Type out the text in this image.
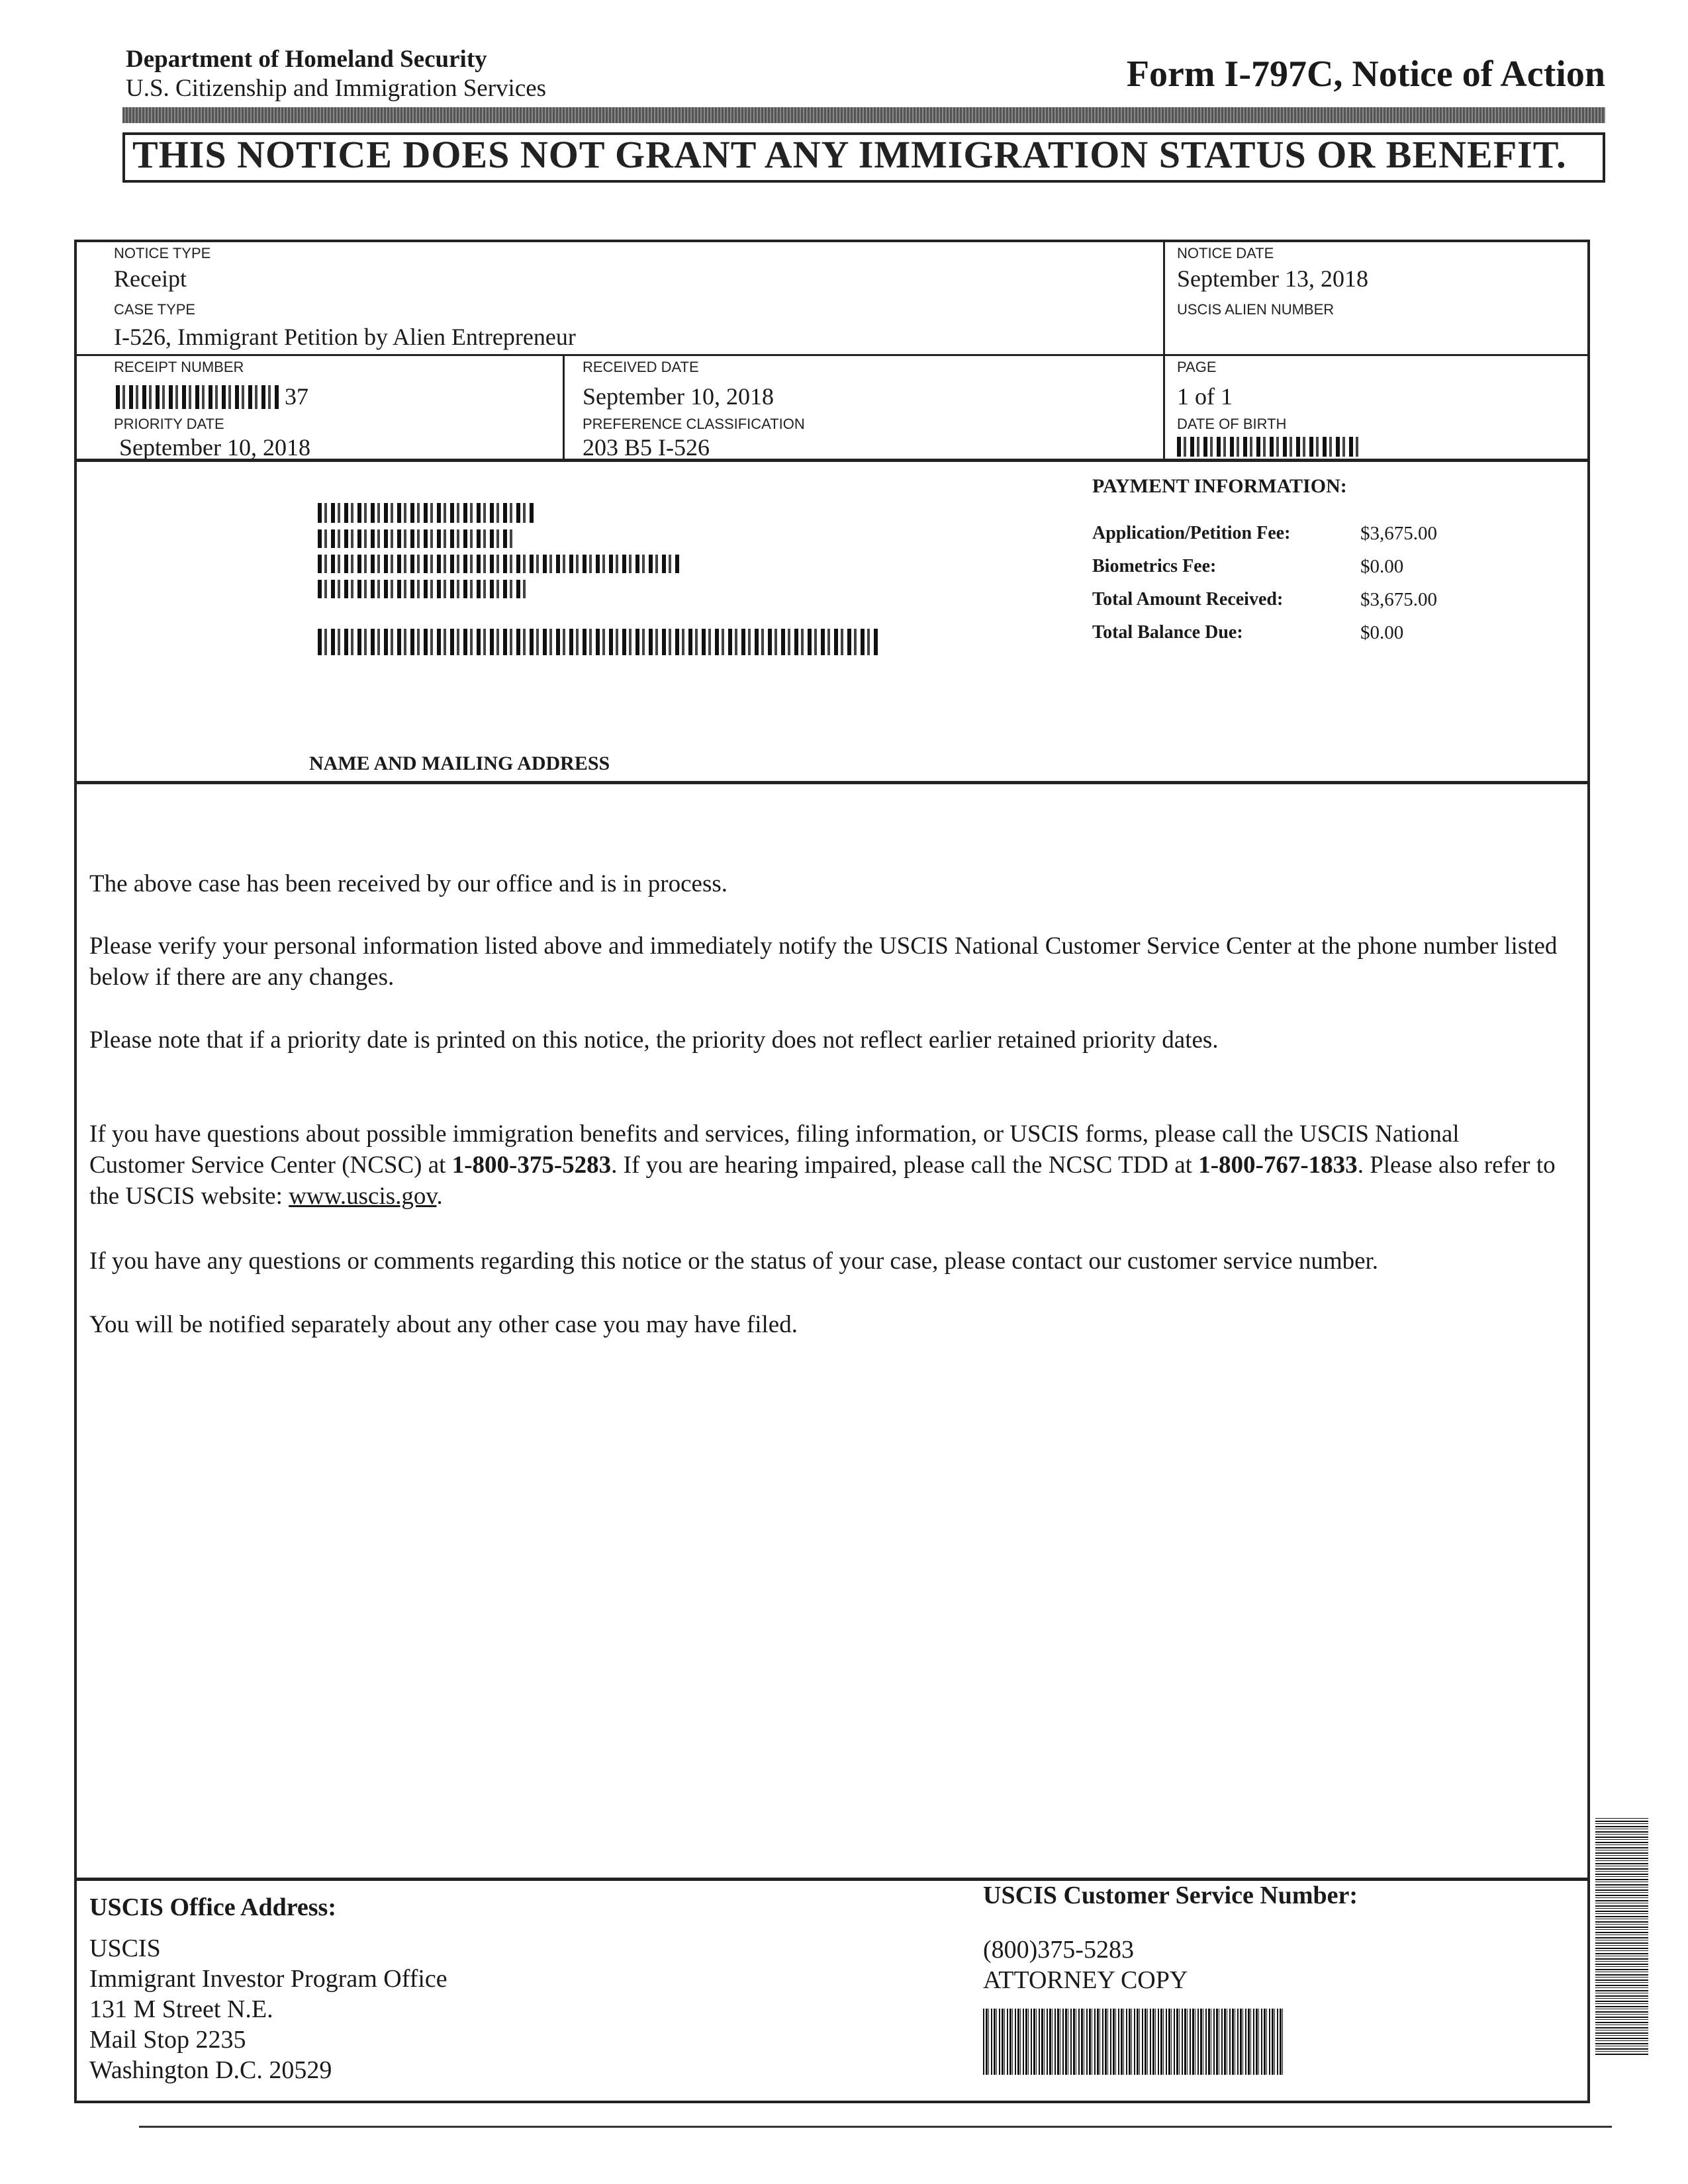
Department of Homeland Security
U.S. Citizenship and Immigration Services	Form I-797C, Notice of Action
THIS NOTICE DOES NOT GRANT ANY IMMIGRATION STATUS OR BENEFIT.
NOTICE TYPE
Receipt
NOTICE DATE
September 13, 2018
CASE TYPE
I-526, Immigrant Petition by Alien Entrepreneur
USCIS ALIEN NUMBER
RECEIPT NUMBER
37
RECEIVED DATE
September 10, 2018
PAGE
1 of 1
PRIORITY DATE
September 10, 2018
PREFERENCE CLASSIFICATION
203 B5 I-526
DATE OF BIRTH
PAYMENT INFORMATION:
Application/Petition Fee:	$3,675.00
Biometrics Fee:	$0.00
Total Amount Received:	$3,675.00
Total Balance Due:	$0.00
NAME AND MAILING ADDRESS
The above case has been received by our office and is in process.
Please verify your personal information listed above and immediately notify the USCIS National Customer Service Center at the phone number listed below if there are any changes.
Please note that if a priority date is printed on this notice, the priority does not reflect earlier retained priority dates.
If you have questions about possible immigration benefits and services, filing information, or USCIS forms, please call the USCIS National Customer Service Center (NCSC) at 1-800-375-5283. If you are hearing impaired, please call the NCSC TDD at 1-800-767-1833. Please also refer to the USCIS website: www.uscis.gov.
If you have any questions or comments regarding this notice or the status of your case, please contact our customer service number.
You will be notified separately about any other case you may have filed.
USCIS Office Address:
USCIS
Immigrant Investor Program Office
131 M Street N.E.
Mail Stop 2235
Washington D.C. 20529
USCIS Customer Service Number:
(800)375-5283
ATTORNEY COPY
